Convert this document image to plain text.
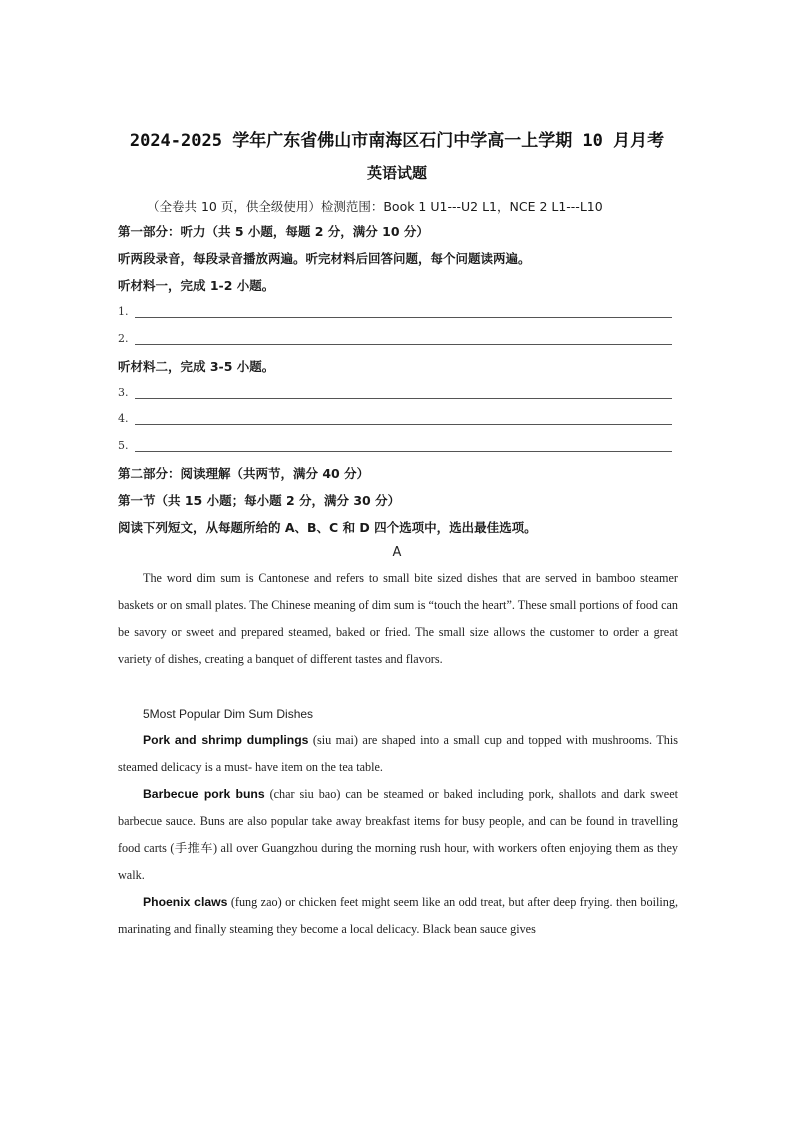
2024-2025 学年广东省佛山市南海区石门中学高一上学期 10 月月考
英语试题
（全卷共 10 页，供全级使用）检测范围：Book 1 U1---U2 L1，NCE 2 L1---L10
第一部分：听力（共 5 小题，每题 2 分，满分 10 分）
听两段录音，每段录音播放两遍。听完材料后回答问题，每个问题读两遍。
听材料一，完成 1-2 小题。
1.
2.
听材料二，完成 3-5 小题。
3.
4.
5.
第二部分：阅读理解（共两节，满分 40 分）
第一节（共 15 小题；每小题 2 分，满分 30 分）
阅读下列短文，从每题所给的 A、B、C 和 D 四个选项中，选出最佳选项。
A
The word dim sum is Cantonese and refers to small bite sized dishes that are served in bamboo steamer baskets or on small plates. The Chinese meaning of dim sum is “touch the heart”. These small portions of food can be savory or sweet and prepared steamed, baked or fried. The small size allows the customer to order a great variety of dishes, creating a banquet of different tastes and flavors.
5Most Popular Dim Sum Dishes
Pork and shrimp dumplings (siu mai) are shaped into a small cup and topped with mushrooms. This steamed delicacy is a must- have item on the tea table.
Barbecue pork buns (char siu bao) can be steamed or baked including pork, shallots and dark sweet barbecue sauce. Buns are also popular take away breakfast items for busy people, and can be found in travelling food carts (手推车) all over Guangzhou during the morning rush hour, with workers often enjoying them as they walk.
Phoenix claws (fung zao) or chicken feet might seem like an odd treat, but after deep frying. then boiling, marinating and finally steaming they become a local delicacy. Black bean sauce gives
